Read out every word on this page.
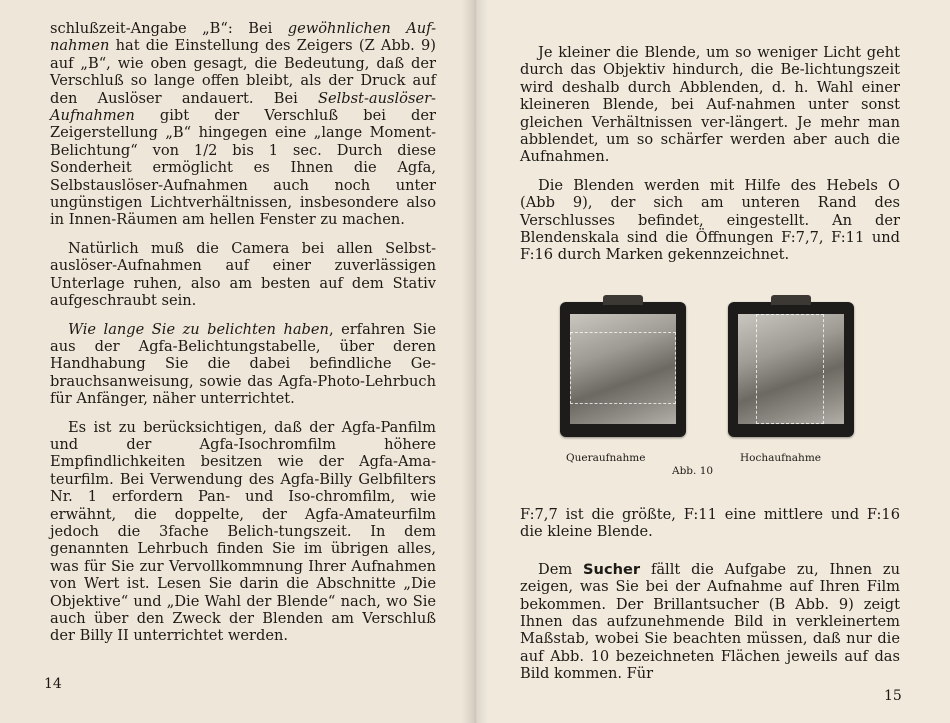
schlußzeit-Angabe „B“: Bei gewöhnlichen Auf-nahmen hat die Einstellung des Zeigers (Z Abb. 9) auf „B“, wie oben gesagt, die Bedeutung, daß der Verschluß so lange offen bleibt, als der Druck auf den Auslöser andauert. Bei Selbst-auslöser-Aufnahmen gibt der Verschluß bei der Zeigerstellung „B“ hingegen eine „lange Moment-Belichtung“ von 1/2 bis 1 sec. Durch diese Sonderheit ermöglicht es Ihnen die Agfa, Selbstauslöser-Aufnahmen auch noch unter ungünstigen Lichtverhältnissen, insbesondere also in Innen-Räumen am hellen Fenster zu machen.

Natürlich muß die Camera bei allen Selbst-auslöser-Aufnahmen auf einer zuverlässigen Unterlage ruhen, also am besten auf dem Stativ aufgeschraubt sein.

Wie lange Sie zu belichten haben, erfahren Sie aus der Agfa-Belichtungstabelle, über deren Handhabung Sie die dabei befindliche Ge-brauchsanweisung, sowie das Agfa-Photo-Lehrbuch für Anfänger, näher unterrichtet.

Es ist zu berücksichtigen, daß der Agfa-Panfilm und der Agfa-Isochromfilm höhere Empfindlichkeiten besitzen wie der Agfa-Ama-teurfilm. Bei Verwendung des Agfa-Billy Gelbfilters Nr. 1 erfordern Pan- und Iso-chromfilm, wie erwähnt, die doppelte, der Agfa-Amateurfilm jedoch die 3fache Belich-tungszeit. In dem genannten Lehrbuch finden Sie im übrigen alles, was für Sie zur Vervollkommnung Ihrer Aufnahmen von Wert ist. Lesen Sie darin die Abschnitte „Die Objektive“ und „Die Wahl der Blende“ nach, wo Sie auch über den Zweck der Blenden am Verschluß der Billy II unterrichtet werden.

14

Je kleiner die Blende, um so weniger Licht geht durch das Objektiv hindurch, die Be-lichtungszeit wird deshalb durch Abblenden, d. h. Wahl einer kleineren Blende, bei Auf-nahmen unter sonst gleichen Verhältnissen ver-längert. Je mehr man abblendet, um so schärfer werden aber auch die Aufnahmen.

Die Blenden werden mit Hilfe des Hebels O (Abb 9), der sich am unteren Rand des Verschlusses befindet, eingestellt. An der Blendenskala sind die Öffnungen F:7,7, F:11 und F:16 durch Marken gekennzeichnet.

Queraufnahme	Hochaufnahme
Abb. 10

F:7,7 ist die größte, F:11 eine mittlere und F:16 die kleine Blende.

Dem Sucher fällt die Aufgabe zu, Ihnen zu zeigen, was Sie bei der Aufnahme auf Ihren Film bekommen. Der Brillantsucher (B Abb. 9) zeigt Ihnen das aufzunehmende Bild in verkleinertem Maßstab, wobei Sie beachten müssen, daß nur die auf Abb. 10 bezeichneten Flächen jeweils auf das Bild kommen. Für

15
